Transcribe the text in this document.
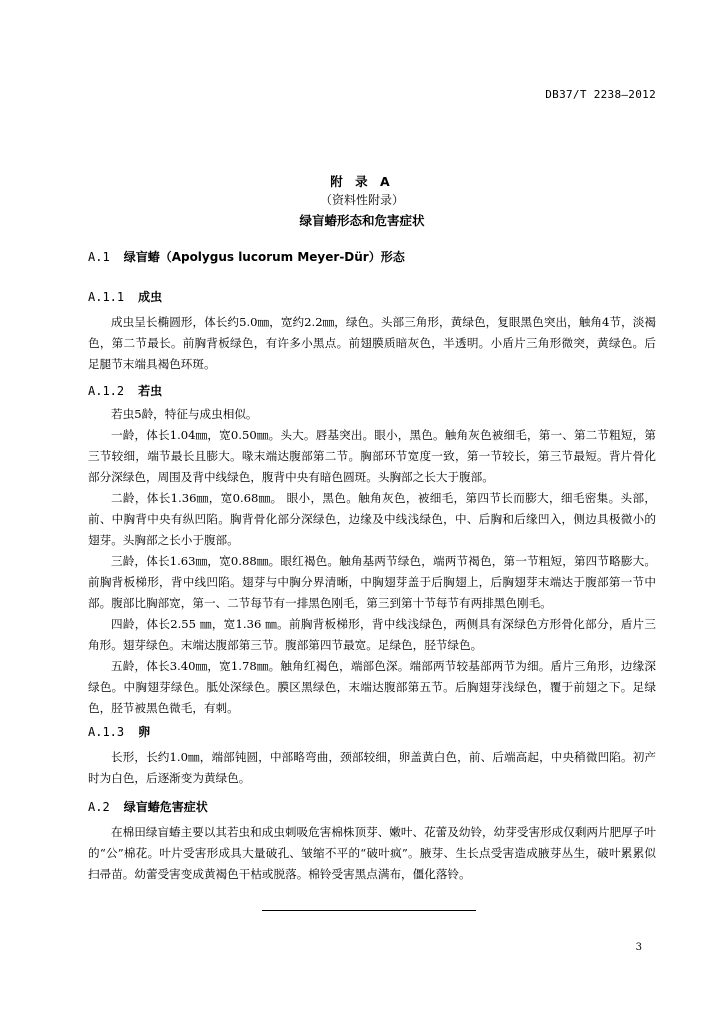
DB37/T 2238—2012
附 录 A
（资料性附录）
绿盲蝽形态和危害症状
A.1 绿盲蝽（Apolygus lucorum Meyer-Dür）形态
A.1.1 成虫

成虫呈长椭圆形，体长约5.0㎜，宽约2.2㎜，绿色。头部三角形，黄绿色，复眼黑色突出，触角4节，淡褐色，第二节最长。前胸背板绿色，有许多小黑点。前翅膜质暗灰色，半透明。小盾片三角形微突，黄绿色。后足腿节末端具褐色环斑。

A.1.2 若虫

若虫5龄，特征与成虫相似。

一龄，体长1.04㎜，宽0.50㎜。头大。唇基突出。眼小，黑色。触角灰色被细毛，第一、第二节粗短，第三节较细，端节最长且膨大。喙末端达腹部第二节。胸部环节宽度一致，第一节较长，第三节最短。背片骨化部分深绿色，周围及背中线绿色，腹背中央有暗色圆斑。头胸部之长大于腹部。

二龄，体长1.36㎜，宽0.68㎜。 眼小，黑色。触角灰色，被细毛，第四节长而膨大，细毛密集。头部，前、中胸背中央有纵凹陷。胸背骨化部分深绿色，边缘及中线浅绿色，中、后胸和后缘凹入，侧边具极微小的翅芽。头胸部之长小于腹部。

三龄，体长1.63㎜，宽0.88㎜。眼红褐色。触角基两节绿色，端两节褐色，第一节粗短，第四节略膨大。前胸背板梯形，背中线凹陷。翅芽与中胸分界清晰，中胸翅芽盖于后胸翅上，后胸翅芽末端达于腹部第一节中部。腹部比胸部宽，第一、二节每节有一排黑色刚毛，第三到第十节每节有两排黑色刚毛。

四龄，体长2.55 ㎜，宽1.36 ㎜。前胸背板梯形，背中线浅绿色，两侧具有深绿色方形骨化部分，盾片三角形。翅芽绿色。末端达腹部第三节。腹部第四节最宽。足绿色，胫节绿色。

五龄，体长3.40㎜，宽1.78㎜。触角红褐色，端部色深。端部两节较基部两节为细。盾片三角形，边缘深绿色。中胸翅芽绿色。胝处深绿色。膜区黑绿色，末端达腹部第五节。后胸翅芽浅绿色，覆于前翅之下。足绿色，胫节被黑色微毛，有刺。

A.1.3 卵

长形，长约1.0㎜，端部钝圆，中部略弯曲，颈部较细，卵盖黄白色，前、后端高起，中央稍微凹陷。初产时为白色，后逐渐变为黄绿色。

A.2 绿盲蝽危害症状

在棉田绿盲蝽主要以其若虫和成虫刺吸危害棉株顶芽、嫩叶、花蕾及幼铃，幼芽受害形成仅剩两片肥厚子叶的“公”棉花。叶片受害形成具大量破孔、皱缩不平的“破叶疯”。腋芽、生长点受害造成腋芽丛生，破叶累累似扫帚苗。幼蕾受害变成黄褐色干枯或脱落。棉铃受害黑点满布，僵化落铃。

3
